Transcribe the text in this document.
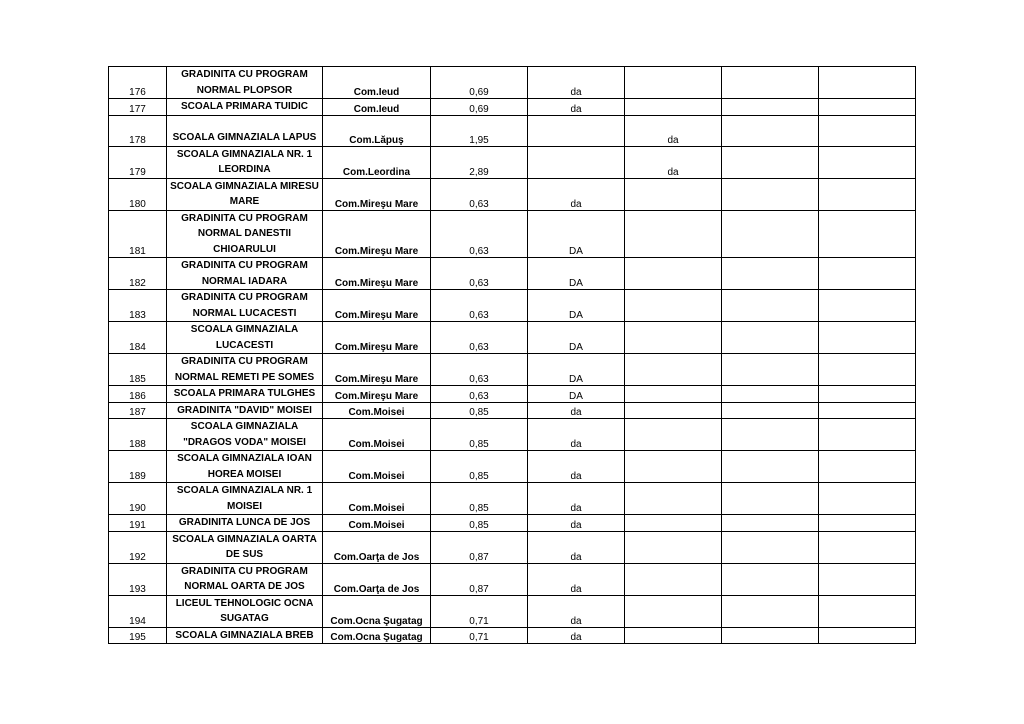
176	GRADINITA CU PROGRAM
NORMAL PLOPSOR	Com.Ieud	0,69	da			
177	SCOALA PRIMARA TUIDIC	Com.Ieud	0,69	da			
178	SCOALA GIMNAZIALA LAPUS	Com.Lăpuş	1,95		da		
179	SCOALA GIMNAZIALA NR. 1
LEORDINA	Com.Leordina	2,89		da		
180	SCOALA GIMNAZIALA MIRESU
MARE	Com.Mireşu Mare	0,63	da			
181	GRADINITA CU PROGRAM
NORMAL DANESTII
CHIOARULUI	Com.Mireşu Mare	0,63	DA			
182	GRADINITA CU PROGRAM
NORMAL IADARA	Com.Mireşu Mare	0,63	DA			
183	GRADINITA CU PROGRAM
NORMAL LUCACESTI	Com.Mireşu Mare	0,63	DA			
184	SCOALA GIMNAZIALA
LUCACESTI	Com.Mireşu Mare	0,63	DA			
185	GRADINITA CU PROGRAM
NORMAL REMETI PE SOMES	Com.Mireşu Mare	0,63	DA			
186	SCOALA PRIMARA TULGHES	Com.Mireşu Mare	0,63	DA			
187	GRADINITA "DAVID" MOISEI	Com.Moisei	0,85	da			
188	SCOALA GIMNAZIALA
"DRAGOS VODA" MOISEI	Com.Moisei	0,85	da			
189	SCOALA GIMNAZIALA IOAN
HOREA MOISEI	Com.Moisei	0,85	da			
190	SCOALA GIMNAZIALA NR. 1
MOISEI	Com.Moisei	0,85	da			
191	GRADINITA LUNCA DE JOS	Com.Moisei	0,85	da			
192	SCOALA GIMNAZIALA OARTA
DE SUS	Com.Oarţa de Jos	0,87	da			
193	GRADINITA CU PROGRAM
NORMAL OARTA DE JOS	Com.Oarţa de Jos	0,87	da			
194	LICEUL TEHNOLOGIC OCNA
SUGATAG	Com.Ocna Şugatag	0,71	da			
195	SCOALA GIMNAZIALA BREB	Com.Ocna Şugatag	0,71	da			
